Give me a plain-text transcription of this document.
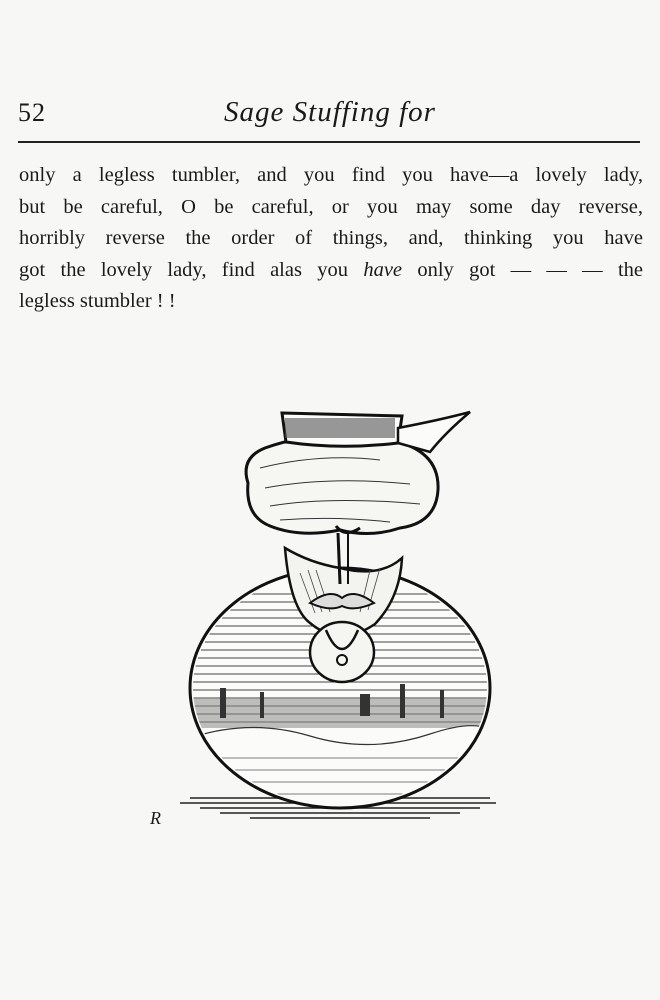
52	Sage Stuffing for

only a legless tumbler, and you find you have—a lovely lady,
but be careful, O be careful, or you may some day reverse,
horribly reverse the order of things, and, thinking you have
got the lovely lady, find alas you have only got — — — the
legless stumbler ! !

R
